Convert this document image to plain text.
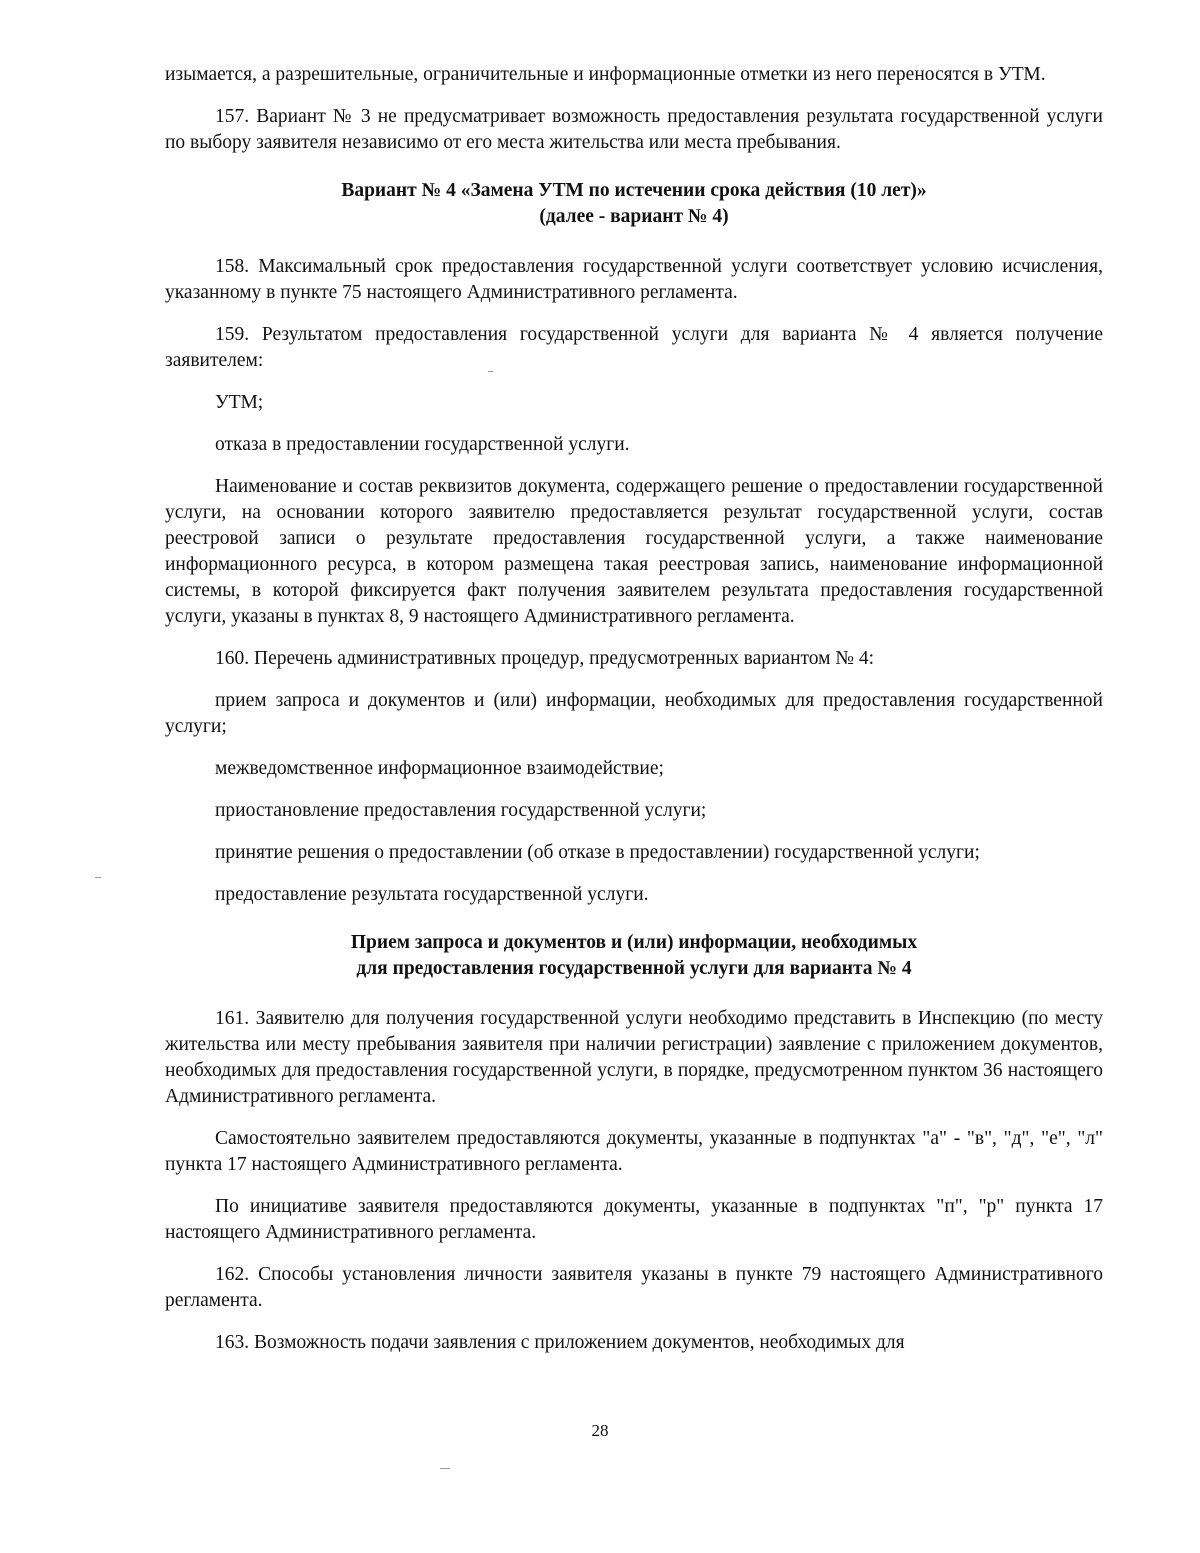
изымается, а разрешительные, ограничительные и информационные отметки из него переносятся в УТМ.

157. Вариант № 3 не предусматривает возможность предоставления результата государственной услуги по выбору заявителя независимо от его места жительства или места пребывания.

Вариант № 4 «Замена УТМ по истечении срока действия (10 лет)»
(далее - вариант № 4)

158. Максимальный срок предоставления государственной услуги соответствует условию исчисления, указанному в пункте 75 настоящего Административного регламента.

159. Результатом предоставления государственной услуги для варианта № 4 является получение заявителем:

УТМ;

отказа в предоставлении государственной услуги.

Наименование и состав реквизитов документа, содержащего решение о предоставлении государственной услуги, на основании которого заявителю предоставляется результат государственной услуги, состав реестровой записи о результате предоставления государственной услуги, а также наименование информационного ресурса, в котором размещена такая реестровая запись, наименование информационной системы, в которой фиксируется факт получения заявителем результата предоставления государственной услуги, указаны в пунктах 8, 9 настоящего Административного регламента.

160. Перечень административных процедур, предусмотренных вариантом № 4:

прием запроса и документов и (или) информации, необходимых для предоставления государственной услуги;

межведомственное информационное взаимодействие;

приостановление предоставления государственной услуги;

принятие решения о предоставлении (об отказе в предоставлении) государственной услуги;

предоставление результата государственной услуги.

Прием запроса и документов и (или) информации, необходимых
для предоставления государственной услуги для варианта № 4

161. Заявителю для получения государственной услуги необходимо представить в Инспекцию (по месту жительства или месту пребывания заявителя при наличии регистрации) заявление с приложением документов, необходимых для предоставления государственной услуги, в порядке, предусмотренном пунктом 36 настоящего Административного регламента.

Самостоятельно заявителем предоставляются документы, указанные в подпунктах "а" - "в", "д", "е", "л" пункта 17 настоящего Административного регламента.

По инициативе заявителя предоставляются документы, указанные в подпунктах "п", "р" пункта 17 настоящего Административного регламента.

162. Способы установления личности заявителя указаны в пункте 79 настоящего Административного регламента.

163. Возможность подачи заявления с приложением документов, необходимых для

28
